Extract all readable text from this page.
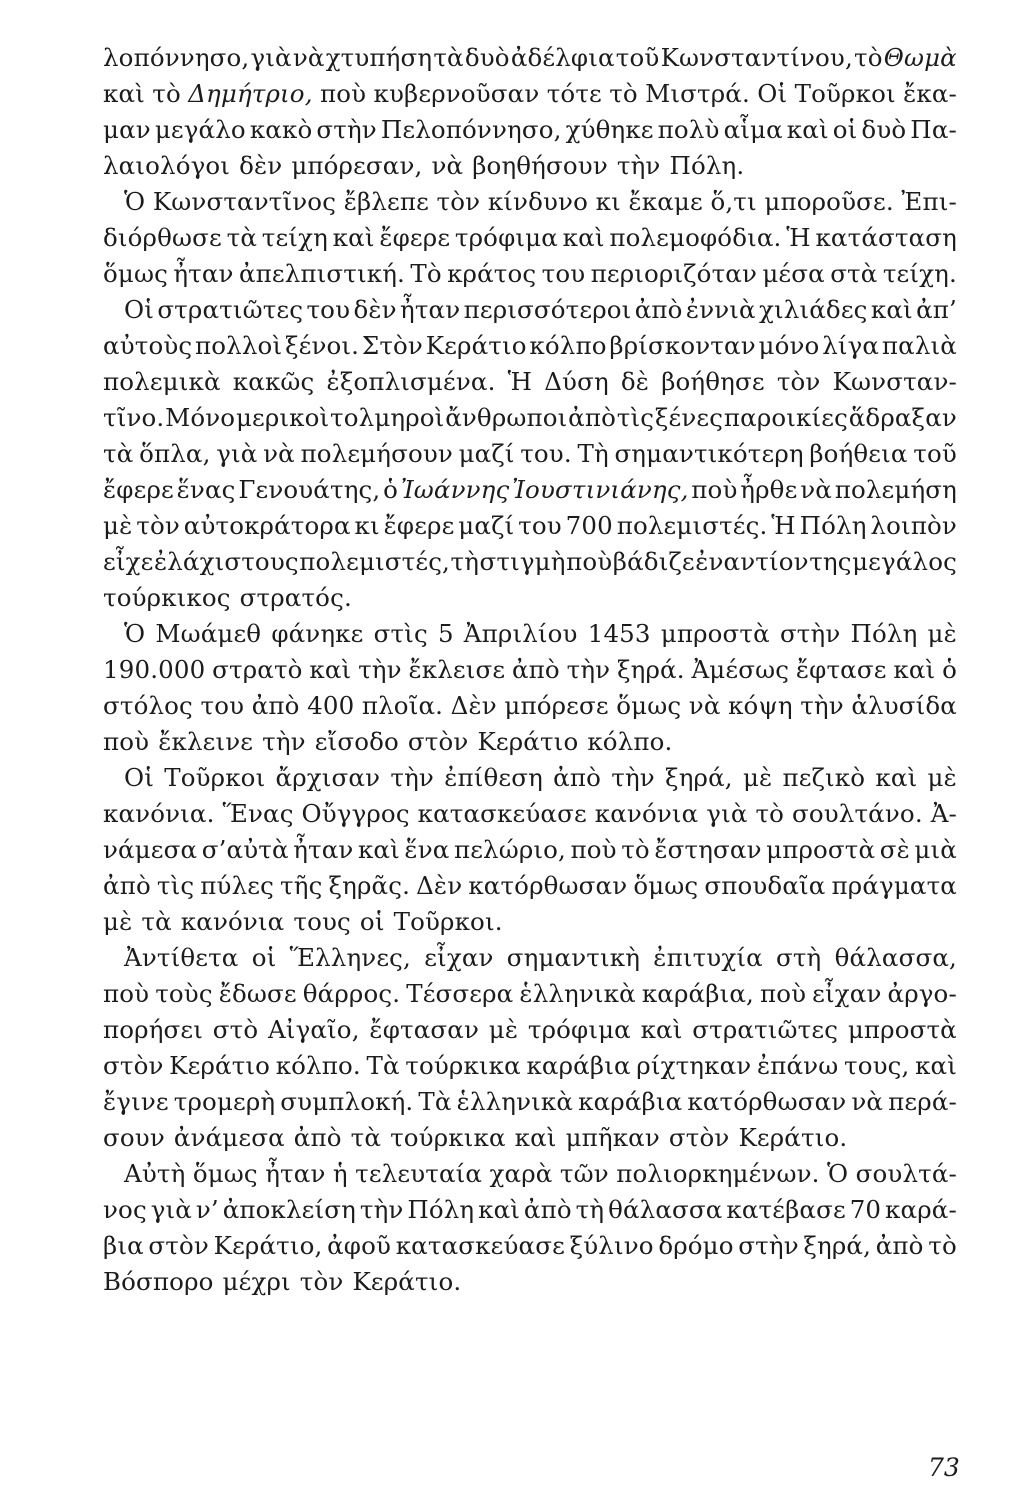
λοπόννησο, γιὰ νὰ χτυπήση τὰ δυὸ ἀδέλφια τοῦ Κωνσταντίνου, τὸ Θωμὰ
καὶ τὸ Δημήτριο, ποὺ κυβερνοῦσαν τότε τὸ Μιστρά. Οἱ Τοῦρκοι ἔκα-
μαν μεγάλο κακὸ στὴν Πελοπόννησο, χύθηκε πολὺ αἷμα καὶ οἱ δυὸ Πα-
λαιολόγοι δὲν μπόρεσαν, νὰ βοηθήσουν τὴν Πόλη.
Ὁ Κωνσταντῖνος ἔβλεπε τὸν κίνδυνο κι ἔκαμε ὅ,τι μποροῦσε. Ἐπι-
διόρθωσε τὰ τείχη καὶ ἔφερε τρόφιμα καὶ πολεμοφόδια. Ἡ κατάσταση
ὅμως ἦταν ἀπελπιστική. Τὸ κράτος του περιοριζόταν μέσα στὰ τείχη.
Οἱ στρατιῶτες του δὲν ἦταν περισσότεροι ἀπὸ ἐννιὰ χιλιάδες καὶ ἀπ’
αὐτοὺς πολλοὶ ξένοι. Στὸν Κεράτιο κόλπο βρίσκονταν μόνο λίγα παλιὰ
πολεμικὰ κακῶς ἐξοπλισμένα. Ἡ Δύση δὲ βοήθησε τὸν Κωνσταν-
τῖνο. Μόνο μερικοὶ τολμηροὶ ἄνθρωποι ἀπὸ τὶς ξένες παροικίες ἅδραξαν
τὰ ὅπλα, γιὰ νὰ πολεμήσουν μαζί του. Τὴ σημαντικότερη βοήθεια τοῦ
ἔφερε ἕνας Γενουάτης, ὁ Ἰωάννης Ἰουστινιάνης, ποὺ ἦρθε νὰ πολεμήση
μὲ τὸν αὐτοκράτορα κι ἔφερε μαζί του 700 πολεμιστές. Ἡ Πόλη λοιπὸν
εἶχε ἐλάχιστους πολεμιστές, τὴ στιγμὴ ποὺ βάδιζε ἐναντίον της μεγάλος
τούρκικος στρατός.
Ὁ Μωάμεθ φάνηκε στὶς 5 Ἀπριλίου 1453 μπροστὰ στὴν Πόλη μὲ
190.000 στρατὸ καὶ τὴν ἔκλεισε ἀπὸ τὴν ξηρά. Ἀμέσως ἔφτασε καὶ ὁ
στόλος του ἀπὸ 400 πλοῖα. Δὲν μπόρεσε ὅμως νὰ κόψη τὴν ἁλυσίδα
ποὺ ἔκλεινε τὴν εἴσοδο στὸν Κεράτιο κόλπο.
Οἱ Τοῦρκοι ἄρχισαν τὴν ἐπίθεση ἀπὸ τὴν ξηρά, μὲ πεζικὸ καὶ μὲ
κανόνια. Ἕνας Οὔγγρος κατασκεύασε κανόνια γιὰ τὸ σουλτάνο. Ἀ-
νάμεσα σ’αὐτὰ ἦταν καὶ ἕνα πελώριο, ποὺ τὸ ἔστησαν μπροστὰ σὲ μιὰ
ἀπὸ τὶς πύλες τῆς ξηρᾶς. Δὲν κατόρθωσαν ὅμως σπουδαῖα πράγματα
μὲ τὰ κανόνια τους οἱ Τοῦρκοι.
Ἀντίθετα οἱ Ἕλληνες, εἶχαν σημαντικὴ ἐπιτυχία στὴ θάλασσα,
ποὺ τοὺς ἔδωσε θάρρος. Τέσσερα ἑλληνικὰ καράβια, ποὺ εἶχαν ἀργο-
πορήσει στὸ Αἰγαῖο, ἔφτασαν μὲ τρόφιμα καὶ στρατιῶτες μπροστὰ
στὸν Κεράτιο κόλπο. Τὰ τούρκικα καράβια ρίχτηκαν ἐπάνω τους, καὶ
ἔγινε τρομερὴ συμπλοκή. Τὰ ἑλληνικὰ καράβια κατόρθωσαν νὰ περά-
σουν ἀνάμεσα ἀπὸ τὰ τούρκικα καὶ μπῆκαν στὸν Κεράτιο.
Αὐτὴ ὅμως ἦταν ἡ τελευταία χαρὰ τῶν πολιορκημένων. Ὁ σουλτά-
νος γιὰ ν’ ἀποκλείση τὴν Πόλη καὶ ἀπὸ τὴ θάλασσα κατέβασε 70 καρά-
βια στὸν Κεράτιο, ἀφοῦ κατασκεύασε ξύλινο δρόμο στὴν ξηρά, ἀπὸ τὸ
Βόσπορο μέχρι τὸν Κεράτιο.
73
